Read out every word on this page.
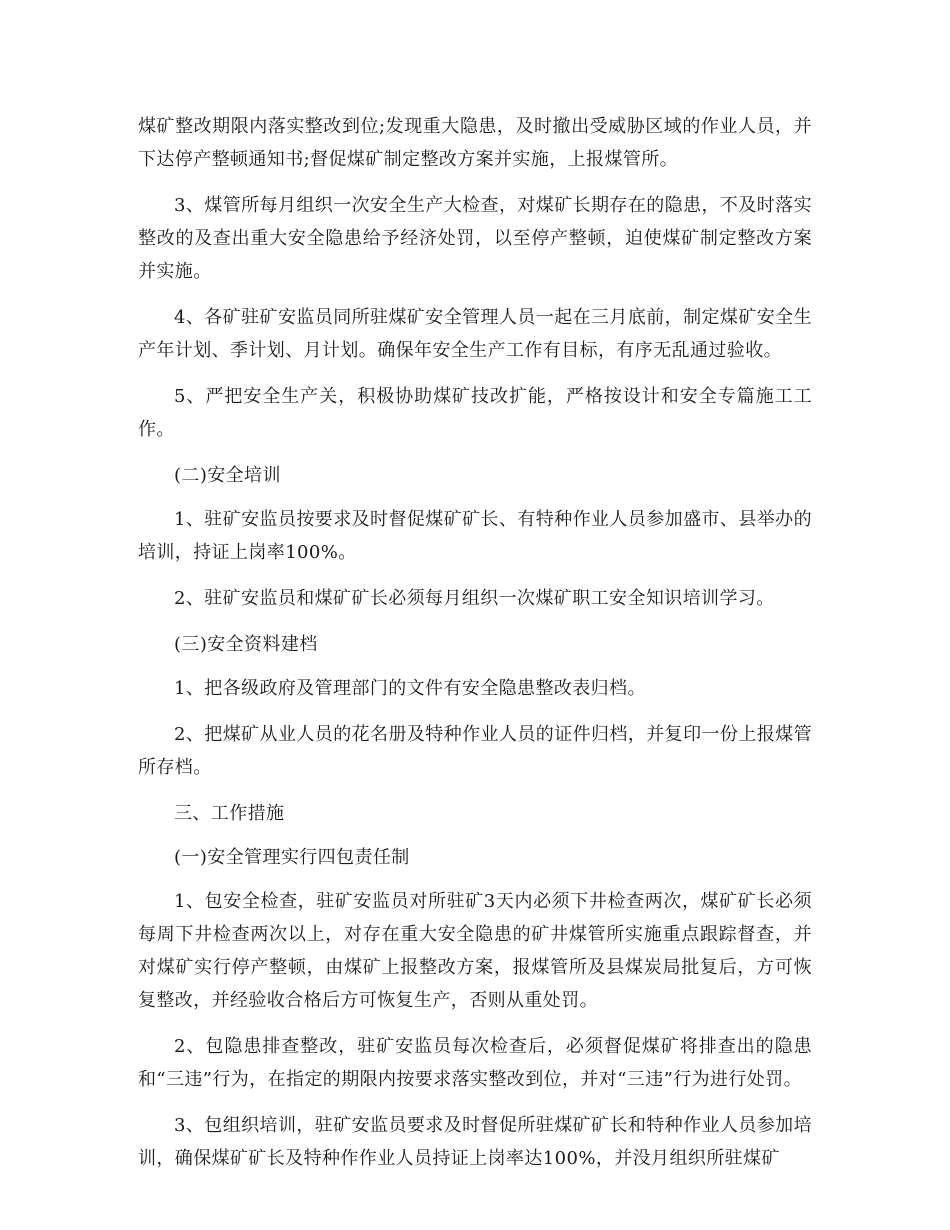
煤矿整改期限内落实整改到位;发现重大隐患，及时撤出受威胁区域的作业人员，并下达停产整顿通知书;督促煤矿制定整改方案并实施，上报煤管所。

3、煤管所每月组织一次安全生产大检查，对煤矿长期存在的隐患，不及时落实整改的及查出重大安全隐患给予经济处罚，以至停产整顿，迫使煤矿制定整改方案并实施。

4、各矿驻矿安监员同所驻煤矿安全管理人员一起在三月底前，制定煤矿安全生产年计划、季计划、月计划。确保年安全生产工作有目标，有序无乱通过验收。

5、严把安全生产关，积极协助煤矿技改扩能，严格按设计和安全专篇施工工作。

(二)安全培训

1、驻矿安监员按要求及时督促煤矿矿长、有特种作业人员参加盛市、县举办的培训，持证上岗率100%。

2、驻矿安监员和煤矿矿长必须每月组织一次煤矿职工安全知识培训学习。

(三)安全资料建档

1、把各级政府及管理部门的文件有安全隐患整改表归档。

2、把煤矿从业人员的花名册及特种作业人员的证件归档，并复印一份上报煤管所存档。

三、工作措施

(一)安全管理实行四包责任制

1、包安全检查，驻矿安监员对所驻矿3天内必须下井检查两次，煤矿矿长必须每周下井检查两次以上，对存在重大安全隐患的矿井煤管所实施重点跟踪督查，并对煤矿实行停产整顿，由煤矿上报整改方案，报煤管所及县煤炭局批复后，方可恢复整改，并经验收合格后方可恢复生产，否则从重处罚。

2、包隐患排查整改，驻矿安监员每次检查后，必须督促煤矿将排查出的隐患和“三违”行为，在指定的期限内按要求落实整改到位，并对“三违”行为进行处罚。

3、包组织培训，驻矿安监员要求及时督促所驻煤矿矿长和特种作业人员参加培训，确保煤矿矿长及特种作作业人员持证上岗率达100%，并没月组织所驻煤矿
